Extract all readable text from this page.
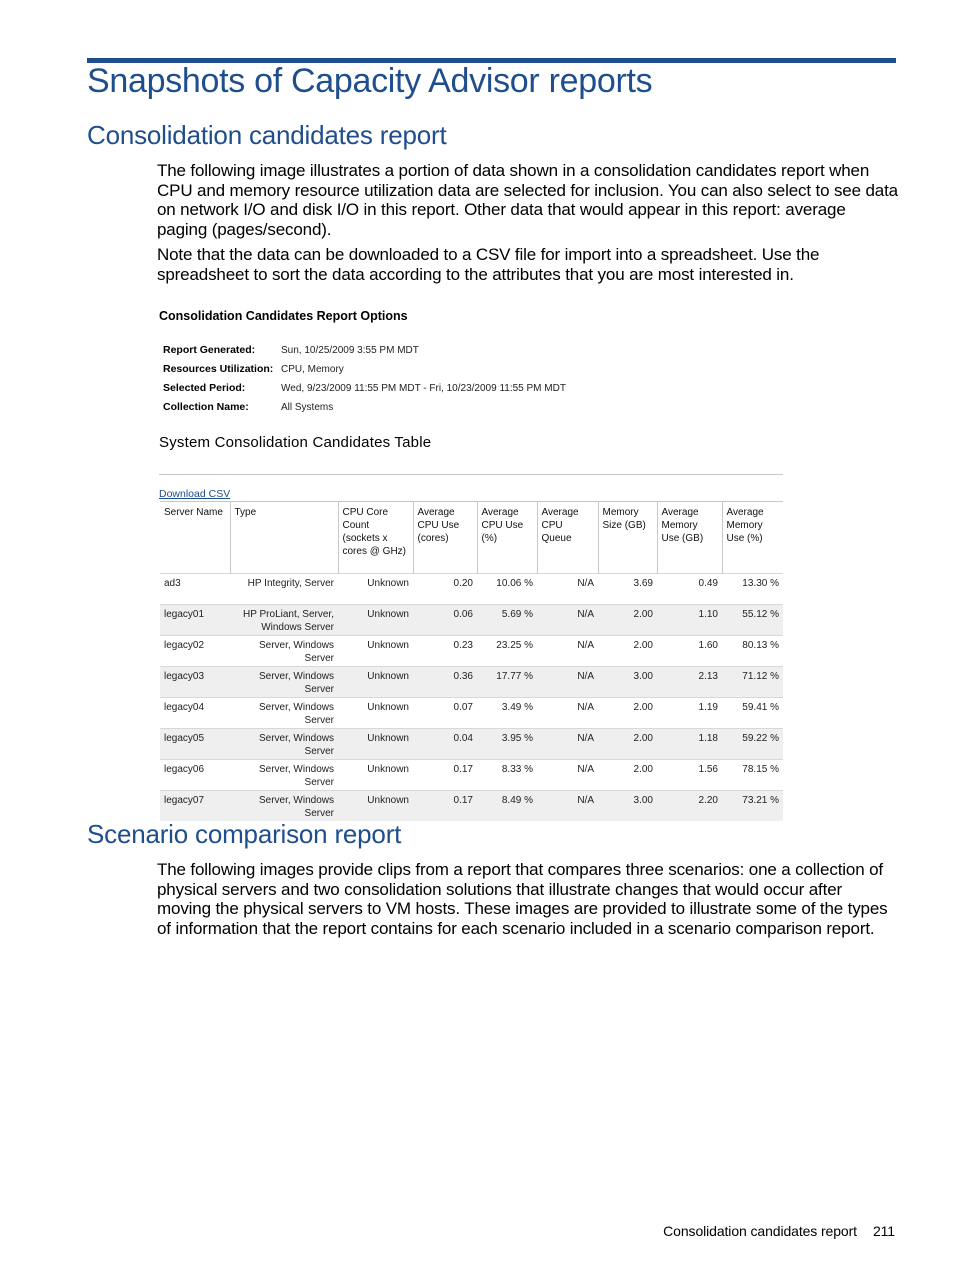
Snapshots of Capacity Advisor reports
Consolidation candidates report

The following image illustrates a portion of data shown in a consolidation candidates report when CPU and memory resource utilization data are selected for inclusion. You can also select to see data on network I/O and disk I/O in this report. Other data that would appear in this report: average paging (pages/second).

Note that the data can be downloaded to a CSV file for import into a spreadsheet. Use the spreadsheet to sort the data according to the attributes that you are most interested in.

Consolidation Candidates Report Options
Report Generated:	Sun, 10/25/2009 3:55 PM MDT
Resources Utilization: CPU, Memory
Selected Period:	Wed, 9/23/2009 11:55 PM MDT - Fri, 10/23/2009 11:55 PM MDT
Collection Name:	All Systems
System Consolidation Candidates Table
Download CSV
Server Name	Type	CPU Core Count (sockets x cores @ GHz)	Average CPU Use (cores)	Average CPU Use (%)	Average CPU Queue	Memory Size (GB)	Average Memory Use (GB)	Average Memory Use (%)
ad3	HP Integrity, Server	Unknown	0.20	10.06 %	N/A	3.69	0.49	13.30 %
legacy01	HP ProLiant, Server, Windows Server	Unknown	0.06	5.69 %	N/A	2.00	1.10	55.12 %
legacy02	Server, Windows Server	Unknown	0.23	23.25 %	N/A	2.00	1.60	80.13 %
legacy03	Server, Windows Server	Unknown	0.36	17.77 %	N/A	3.00	2.13	71.12 %
legacy04	Server, Windows Server	Unknown	0.07	3.49 %	N/A	2.00	1.19	59.41 %
legacy05	Server, Windows Server	Unknown	0.04	3.95 %	N/A	2.00	1.18	59.22 %
legacy06	Server, Windows Server	Unknown	0.17	8.33 %	N/A	2.00	1.56	78.15 %
legacy07	Server, Windows Server	Unknown	0.17	8.49 %	N/A	3.00	2.20	73.21 %
Scenario comparison report

The following images provide clips from a report that compares three scenarios: one a collection of physical servers and two consolidation solutions that illustrate changes that would occur after moving the physical servers to VM hosts. These images are provided to illustrate some of the types of information that the report contains for each scenario included in a scenario comparison report.

Consolidation candidates report 211
